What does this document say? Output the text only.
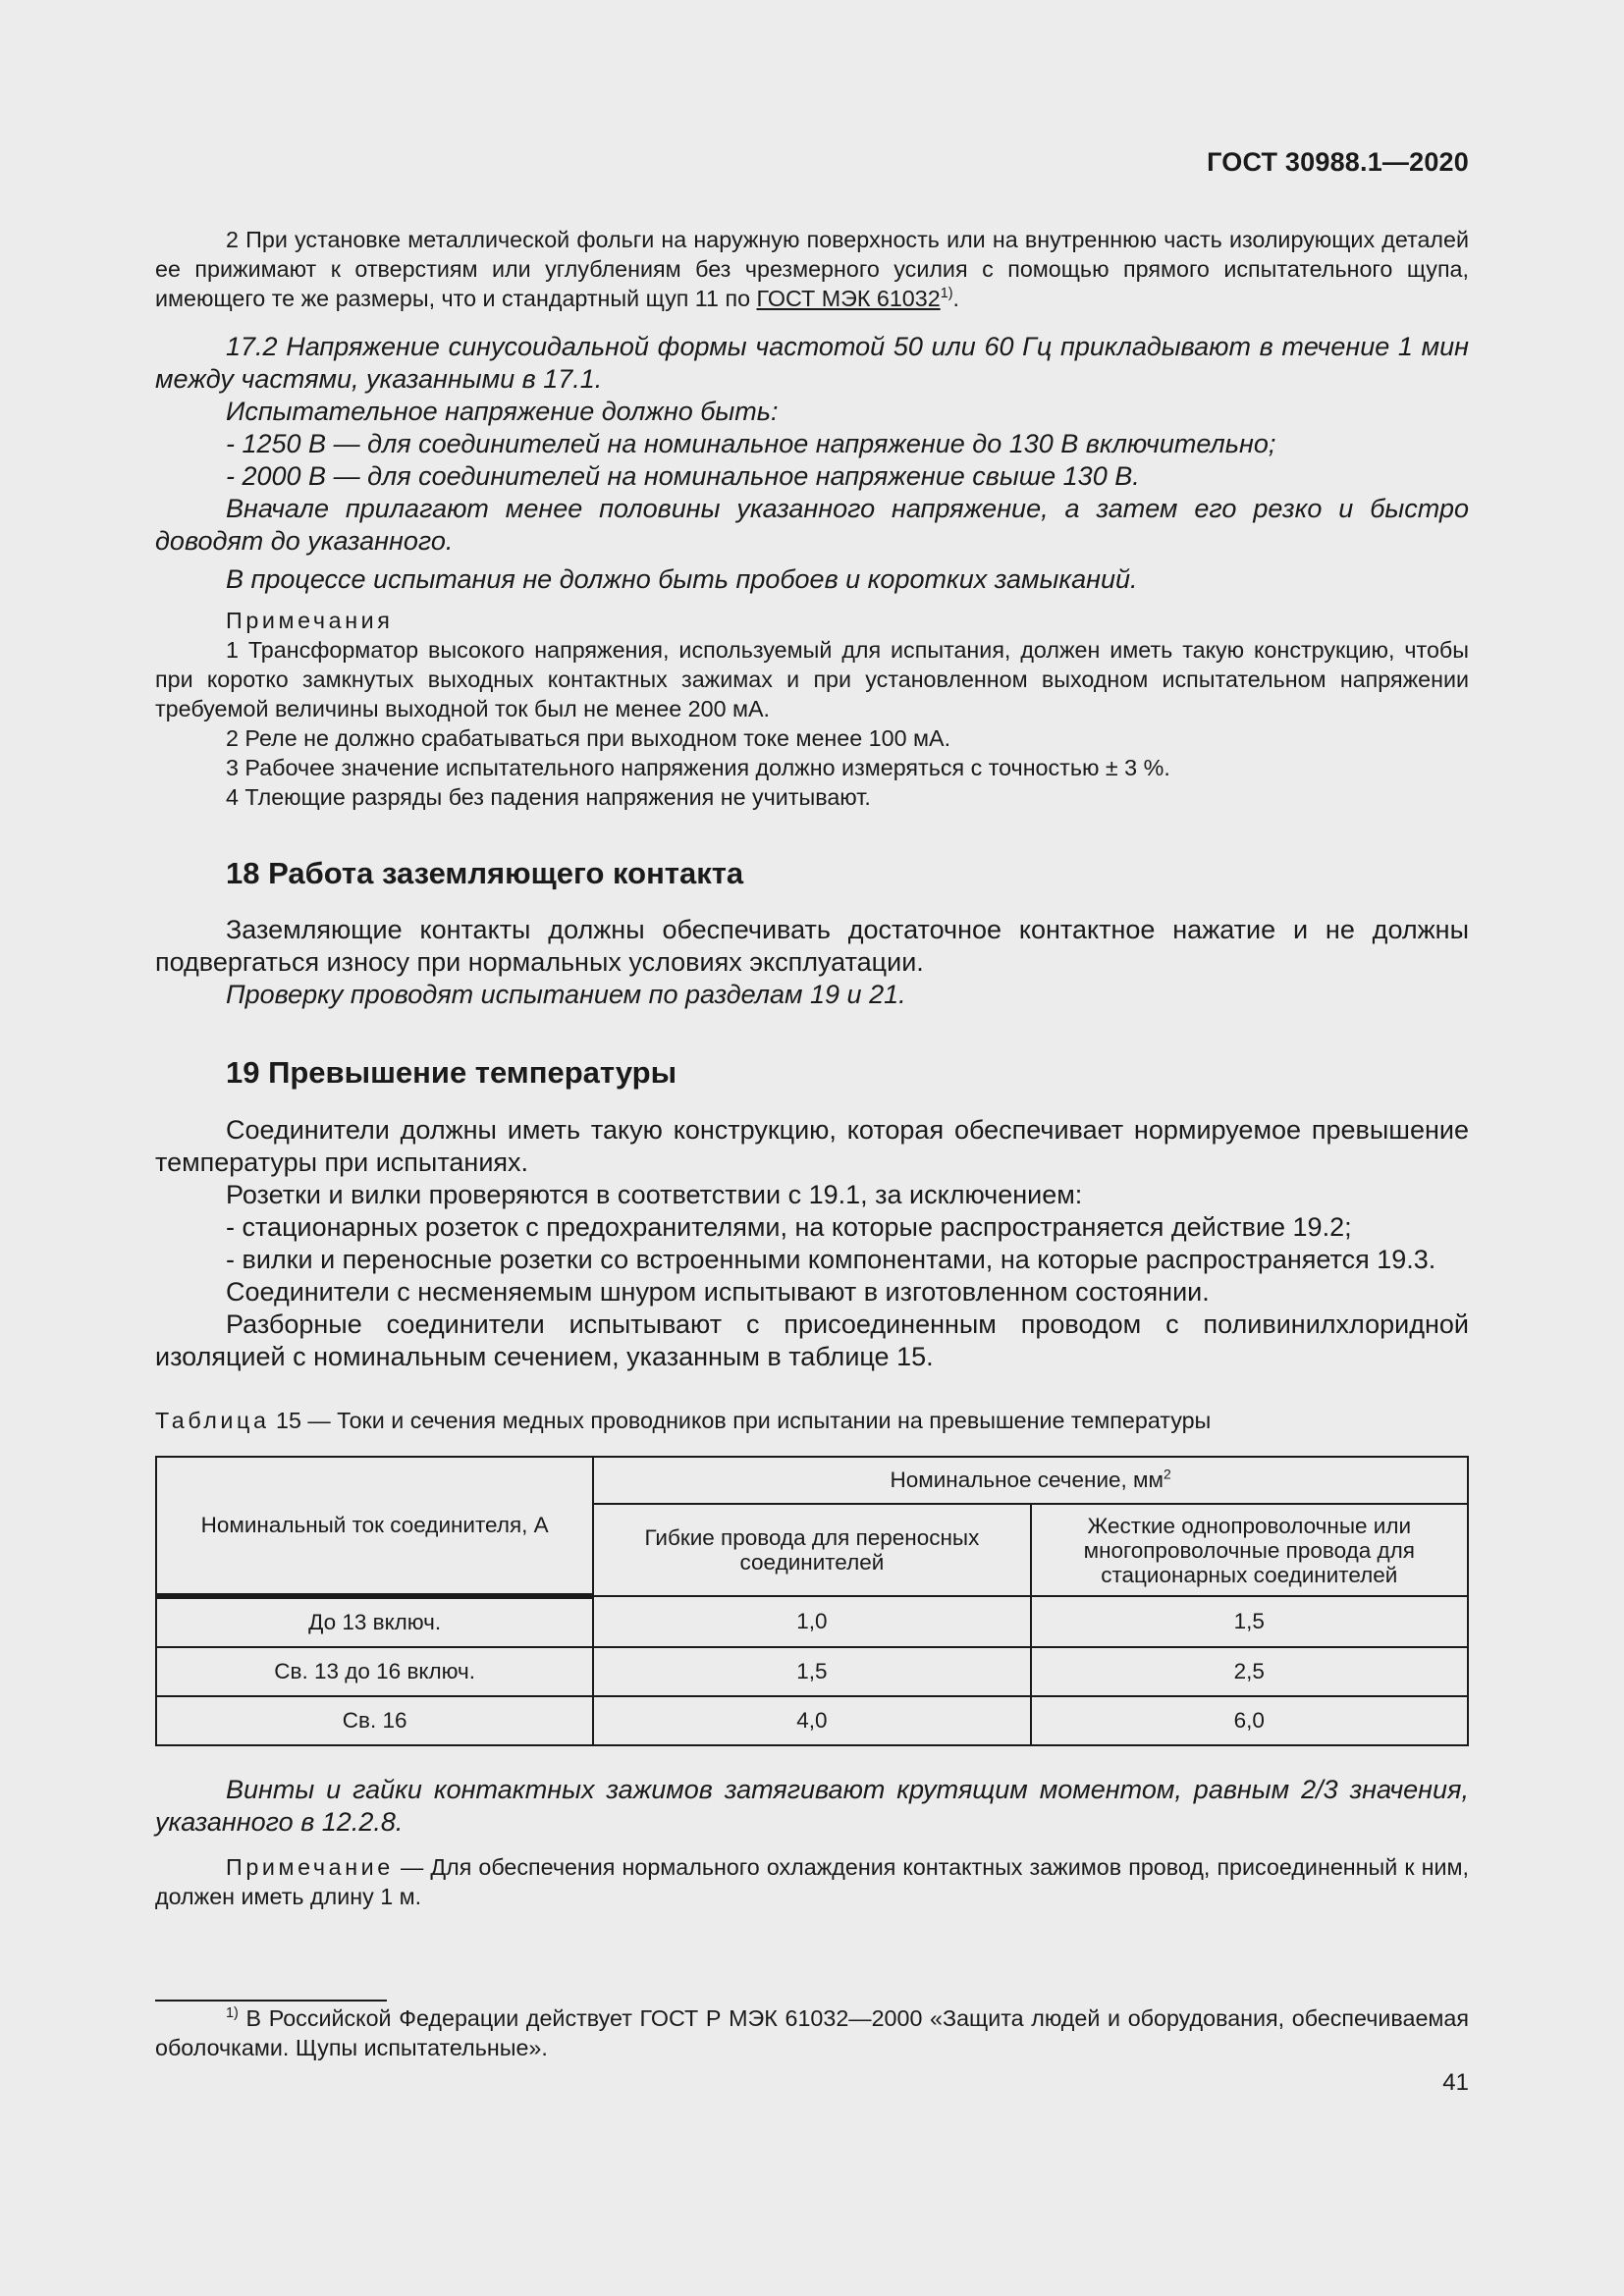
ГОСТ 30988.1—2020

2 При установке металлической фольги на наружную поверхность или на внутреннюю часть изолирующих деталей ее прижимают к отверстиям или углублениям без чрезмерного усилия с помощью прямого испытательного щупа, имеющего те же размеры, что и стандартный щуп 11 по ГОСТ МЭК 61032$^{1)}$.

17.2 Напряжение синусоидальной формы частотой 50 или 60 Гц прикладывают в течение 1 мин между частями, указанными в 17.1.

Испытательное напряжение должно быть:

- 1250 В — для соединителей на номинальное напряжение до 130 В включительно;

- 2000 В — для соединителей на номинальное напряжение свыше 130 В.

Вначале прилагают менее половины указанного напряжение, а затем его резко и быстро доводят до указанного.

В процессе испытания не должно быть пробоев и коротких замыканий.

Примечания

1 Трансформатор высокого напряжения, используемый для испытания, должен иметь такую конструкцию, чтобы при коротко замкнутых выходных контактных зажимах и при установленном выходном испытательном напряжении требуемой величины выходной ток был не менее 200 мА.

2 Реле не должно срабатываться при выходном токе менее 100 мА.

3 Рабочее значение испытательного напряжения должно измеряться с точностью ± 3 %.

4 Тлеющие разряды без падения напряжения не учитывают.

18 Работа заземляющего контакта

Заземляющие контакты должны обеспечивать достаточное контактное нажатие и не должны подвергаться износу при нормальных условиях эксплуатации.

Проверку проводят испытанием по разделам 19 и 21.

19 Превышение температуры

Соединители должны иметь такую конструкцию, которая обеспечивает нормируемое превышение температуры при испытаниях.

Розетки и вилки проверяются в соответствии с 19.1, за исключением:

- стационарных розеток с предохранителями, на которые распространяется действие 19.2;

- вилки и переносные розетки со встроенными компонентами, на которые распространяется 19.3.

Соединители с несменяемым шнуром испытывают в изготовленном состоянии.

Разборные соединители испытывают с присоединенным проводом с поливинилхлоридной изоляцией с номинальным сечением, указанным в таблице 15.

Таблица 15 — Токи и сечения медных проводников при испытании на превышение температуры
Номинальный ток соединителя, А	Номинальное сечение, $мм^2$
	Гибкие провода для переносных соединителей	Жесткие однопроволочные или многопроволочные провода для стационарных соединителей
До 13 включ.	1,0	1,5
Св. 13 до 16 включ.	1,5	2,5
Св. 16	4,0	6,0

Винты и гайки контактных зажимов затягивают крутящим моментом, равным 2/3 значения, указанного в 12.2.8.

Примечание — Для обеспечения нормального охлаждения контактных зажимов провод, присоединенный к ним, должен иметь длину 1 м.

$^{1)}$ В Российской Федерации действует ГОСТ Р МЭК 61032—2000 «Защита людей и оборудования, обеспечиваемая оболочками. Щупы испытательные».

41
